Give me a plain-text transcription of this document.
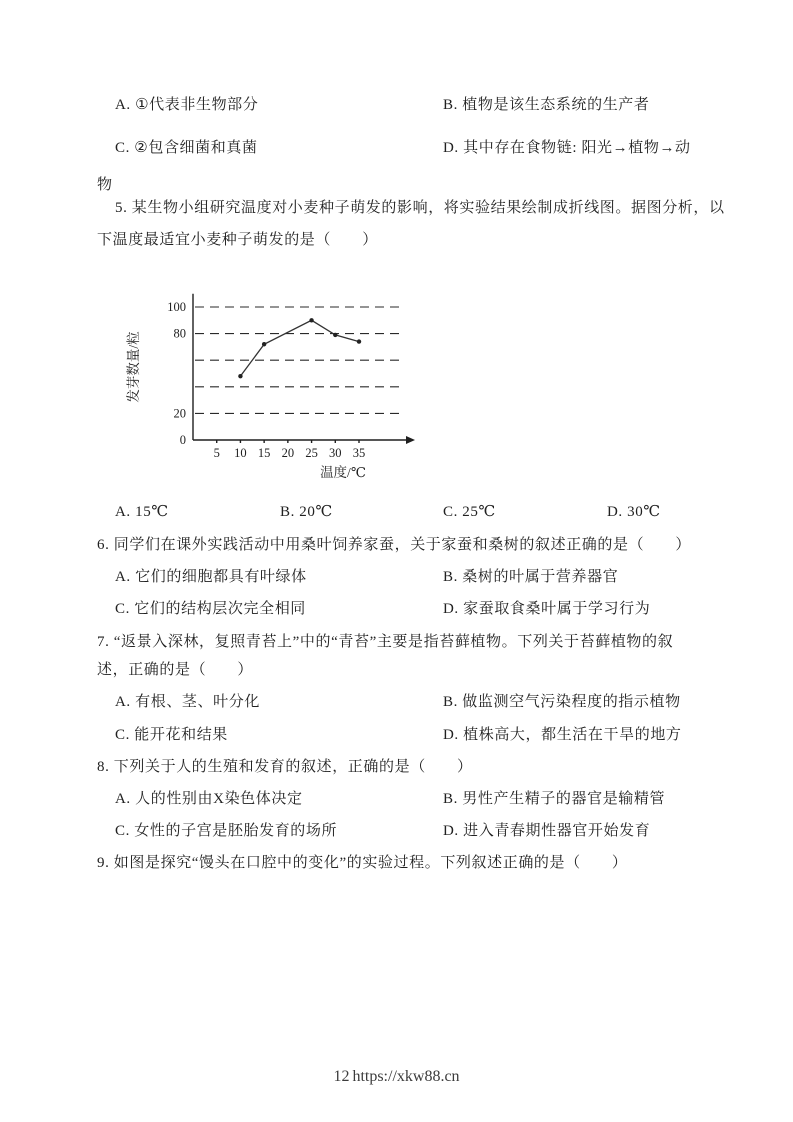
A. ①代表非生物部分	B. 植物是该生态系统的生产者
C. ②包含细菌和真菌	D. 其中存在食物链: 阳光→植物→动
物
5. 某生物小组研究温度对小麦种子萌发的影响，将实验结果绘制成折线图。据图分析，以
下温度最适宜小麦种子萌发的是（　　）
100
80
20
0
5 10 15 20 25 30 35
发芽数量/粒
温度/℃
A. 15℃	B. 20℃	C. 25℃	D. 30℃
6. 同学们在课外实践活动中用桑叶饲养家蚕，关于家蚕和桑树的叙述正确的是（　　）
A. 它们的细胞都具有叶绿体	B. 桑树的叶属于营养器官
C. 它们的结构层次完全相同	D. 家蚕取食桑叶属于学习行为
7. “返景入深林，复照青苔上”中的“青苔”主要是指苔藓植物。下列关于苔藓植物的叙
述，正确的是（　　）
A. 有根、茎、叶分化	B. 做监测空气污染程度的指示植物
C. 能开花和结果	D. 植株高大，都生活在干旱的地方
8. 下列关于人的生殖和发育的叙述，正确的是（　　）
A. 人的性别由X染色体决定	B. 男性产生精子的器官是输精管
C. 女性的子宫是胚胎发育的场所	D. 进入青春期性器官开始发育
9. 如图是探究“馒头在口腔中的变化”的实验过程。下列叙述正确的是（　　）
12 https://xkw88.cn
